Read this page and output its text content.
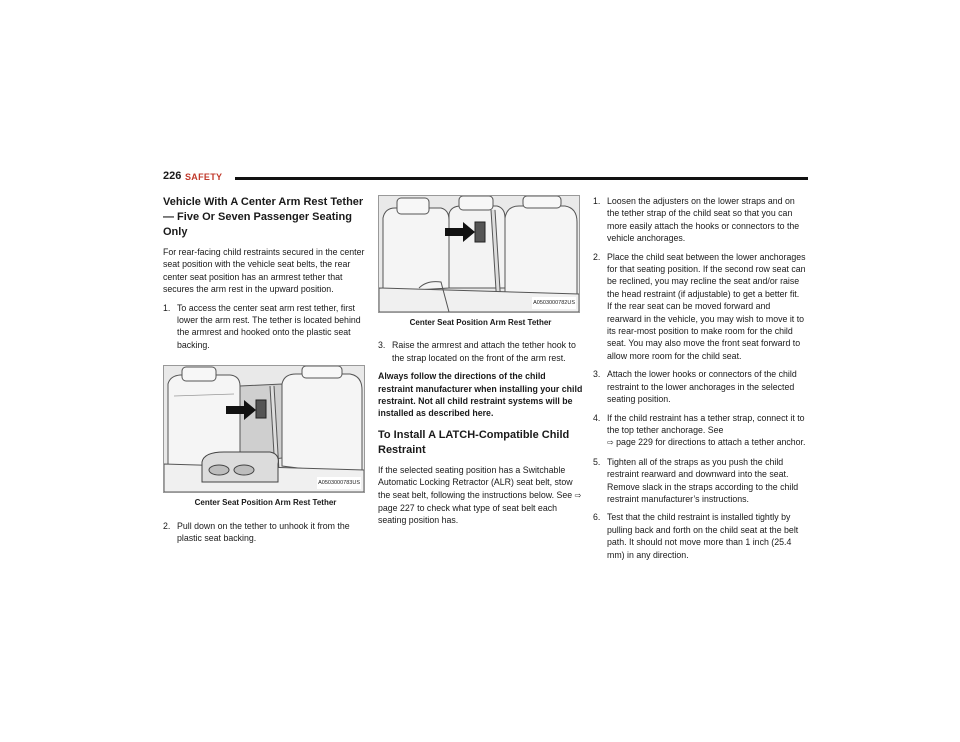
226 SAFETY
Vehicle With A Center Arm Rest Tether — Five Or Seven Passenger Seating Only

For rear-facing child restraints secured in the center seat position with the vehicle seat belts, the rear center seat position has an armrest tether that secures the arm rest in the upward position.

1. To access the center seat arm rest tether, first lower the arm rest. The tether is located behind the armrest and hooked onto the plastic seat backing.
A0503000783US
Center Seat Position Arm Rest Tether
2. Pull down on the tether to unhook it from the plastic seat backing.
A0503000782US
Center Seat Position Arm Rest Tether
3. Raise the armrest and attach the tether hook to the strap located on the front of the arm rest.

Always follow the directions of the child restraint manufacturer when installing your child restraint. Not all child restraint systems will be installed as described here.

To Install A LATCH-Compatible Child Restraint

If the selected seating position has a Switchable Automatic Locking Retractor (ALR) seat belt, stow the seat belt, following the instructions below. See ⇨ page 227 to check what type of seat belt each seating position has.

1. Loosen the adjusters on the lower straps and on the tether strap of the child seat so that you can more easily attach the hooks or connectors to the vehicle anchorages.
2. Place the child seat between the lower anchorages for that seating position. If the second row seat can be reclined, you may recline the seat and/or raise the head restraint (if adjustable) to get a better fit. If the rear seat can be moved forward and rearward in the vehicle, you may wish to move it to its rear-most position to make room for the child seat. You may also move the front seat forward to allow more room for the child seat.
3. Attach the lower hooks or connectors of the child restraint to the lower anchorages in the selected seating position.
4. If the child restraint has a tether strap, connect it to the top tether anchorage. See
⇨ page 229 for directions to attach a tether anchor.
5. Tighten all of the straps as you push the child restraint rearward and downward into the seat. Remove slack in the straps according to the child restraint manufacturer’s instructions.
6. Test that the child restraint is installed tightly by pulling back and forth on the child seat at the belt path. It should not move more than 1 inch (25.4 mm) in any direction.
